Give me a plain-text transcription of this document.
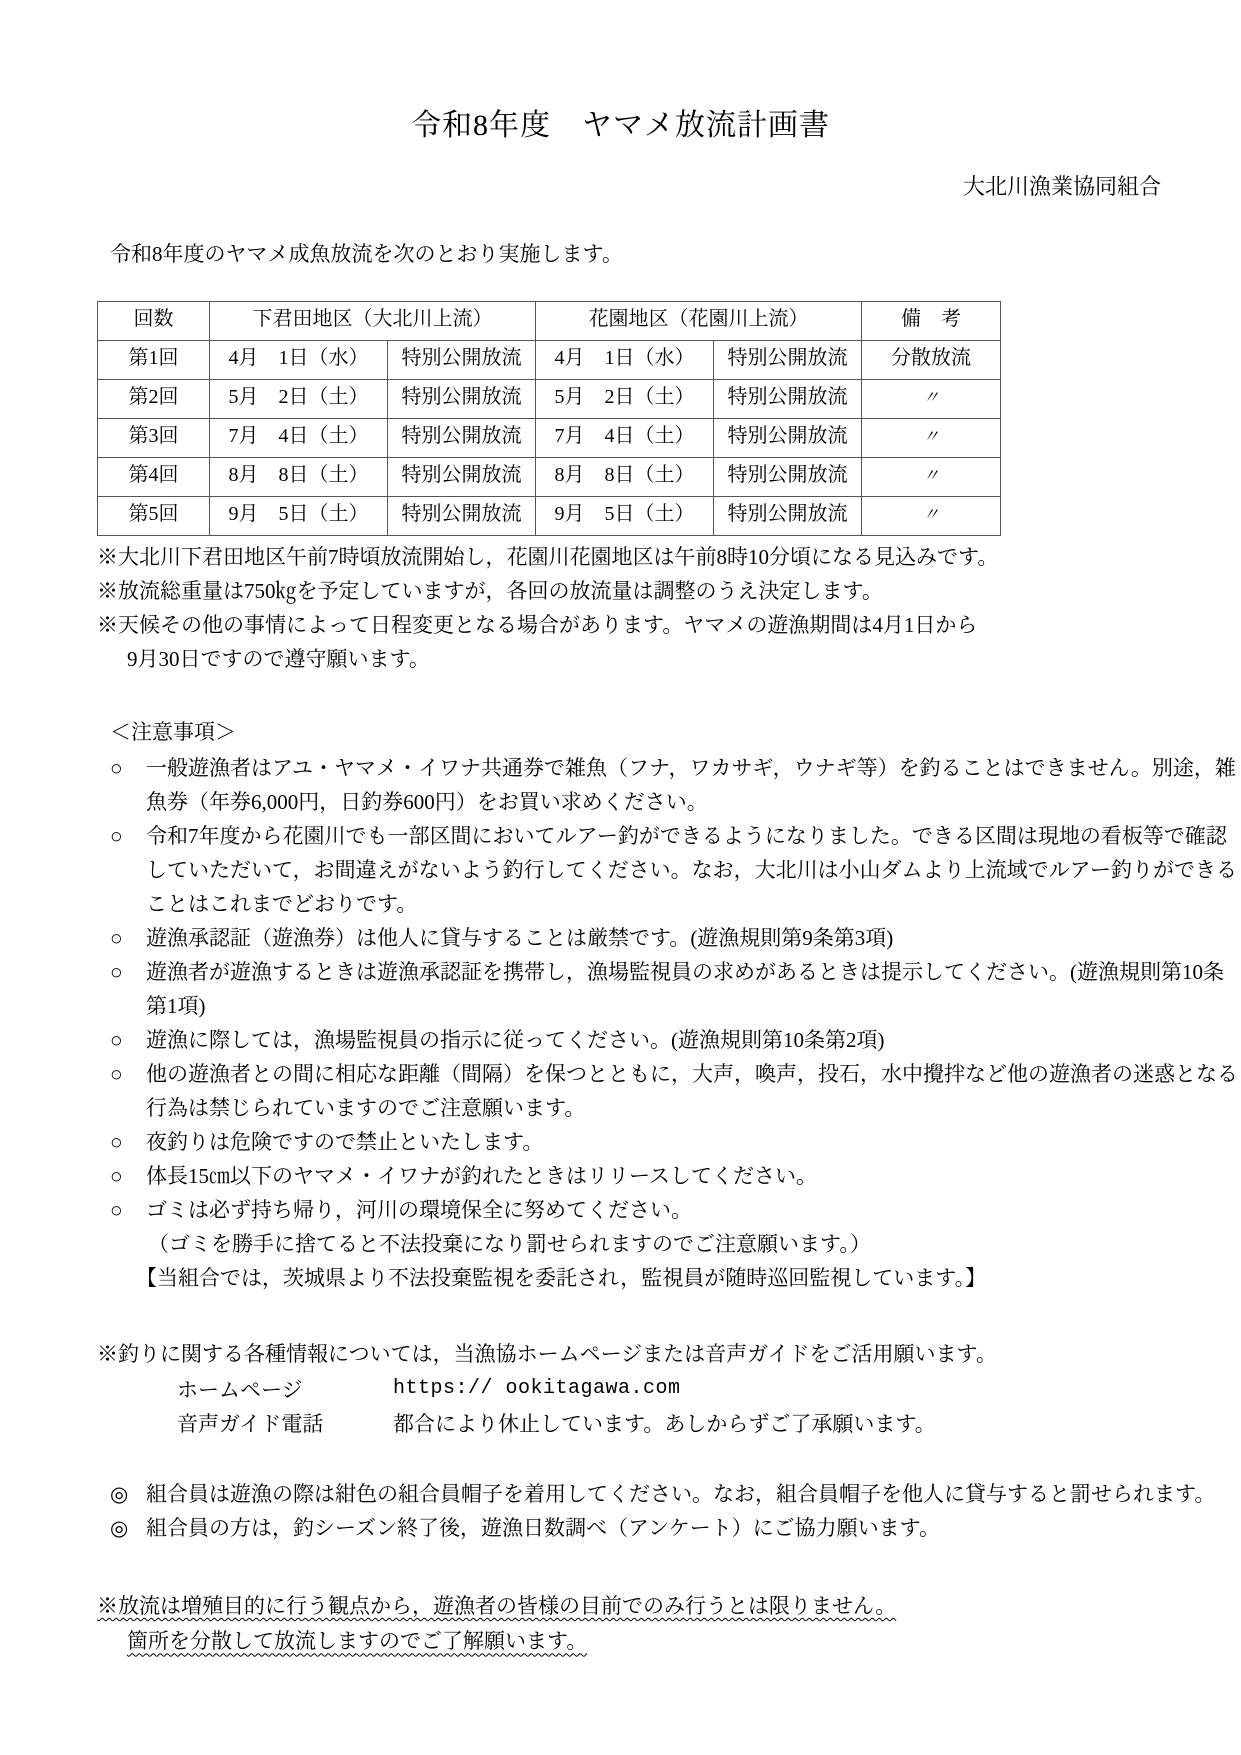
令和8年度　ヤマメ放流計画書
大北川漁業協同組合
令和8年度のヤマメ成魚放流を次のとおり実施します。
回数	下君田地区（大北川上流）		花園地区（花園川上流）		備　考
第1回	4月　1日（水）	特別公開放流	4月　1日（水）	特別公開放流	分散放流
第2回	5月　2日（土）	特別公開放流	5月　2日（土）	特別公開放流	〃
第3回	7月　4日（土）	特別公開放流	7月　4日（土）	特別公開放流	〃
第4回	8月　8日（土）	特別公開放流	8月　8日（土）	特別公開放流	〃
第5回	9月　5日（土）	特別公開放流	9月　5日（土）	特別公開放流	〃
※大北川下君田地区午前7時頃放流開始し，花園川花園地区は午前8時10分頃になる見込みです。
※放流総重量は750㎏を予定していますが，各回の放流量は調整のうえ決定します。
※天候その他の事情によって日程変更となる場合があります。ヤマメの遊漁期間は4月1日から
9月30日ですので遵守願います。
＜注意事項＞
○ 一般遊漁者はアユ・ヤマメ・イワナ共通券で雑魚（フナ，ワカサギ，ウナギ等）を釣ることはできません。別途，雑魚券（年券6,000円，日釣券600円）をお買い求めください。

○ 令和7年度から花園川でも一部区間においてルアー釣ができるようになりました。できる区間は現地の看板等で確認していただいて，お間違えがないよう釣行してください。なお，大北川は小山ダムより上流域でルアー釣りができることはこれまでどおりです。

○ 遊漁承認証（遊漁券）は他人に貸与することは厳禁です。(遊漁規則第9条第3項)

○ 遊漁者が遊漁するときは遊漁承認証を携帯し，漁場監視員の求めがあるときは提示してください。(遊漁規則第10条第1項)

○ 遊漁に際しては，漁場監視員の指示に従ってください。(遊漁規則第10条第2項)

○ 他の遊漁者との間に相応な距離（間隔）を保つとともに，大声，喚声，投石，水中攪拌など他の遊漁者の迷惑となる行為は禁じられていますのでご注意願います。

○ 夜釣りは危険ですので禁止といたします。

○ 体長15㎝以下のヤマメ・イワナが釣れたときはリリースしてください。

○ ゴミは必ず持ち帰り，河川の環境保全に努めてください。

（ゴミを勝手に捨てると不法投棄になり罰せられますのでご注意願います。）
【当組合では，茨城県より不法投棄監視を委託され，監視員が随時巡回監視しています。】
※釣りに関する各種情報については，当漁協ホームページまたは音声ガイドをご活用願います。
ホームページ	https:// ookitagawa.com
音声ガイド電話	都合により休止しています。あしからずご了承願います。
◎ 組合員は遊漁の際は紺色の組合員帽子を着用してください。なお，組合員帽子を他人に貸与すると罰せられます。

◎ 組合員の方は，釣シーズン終了後，遊漁日数調べ（アンケート）にご協力願います。

※放流は増殖目的に行う観点から，遊漁者の皆様の目前でのみ行うとは限りません。
箇所を分散して放流しますのでご了解願います。
